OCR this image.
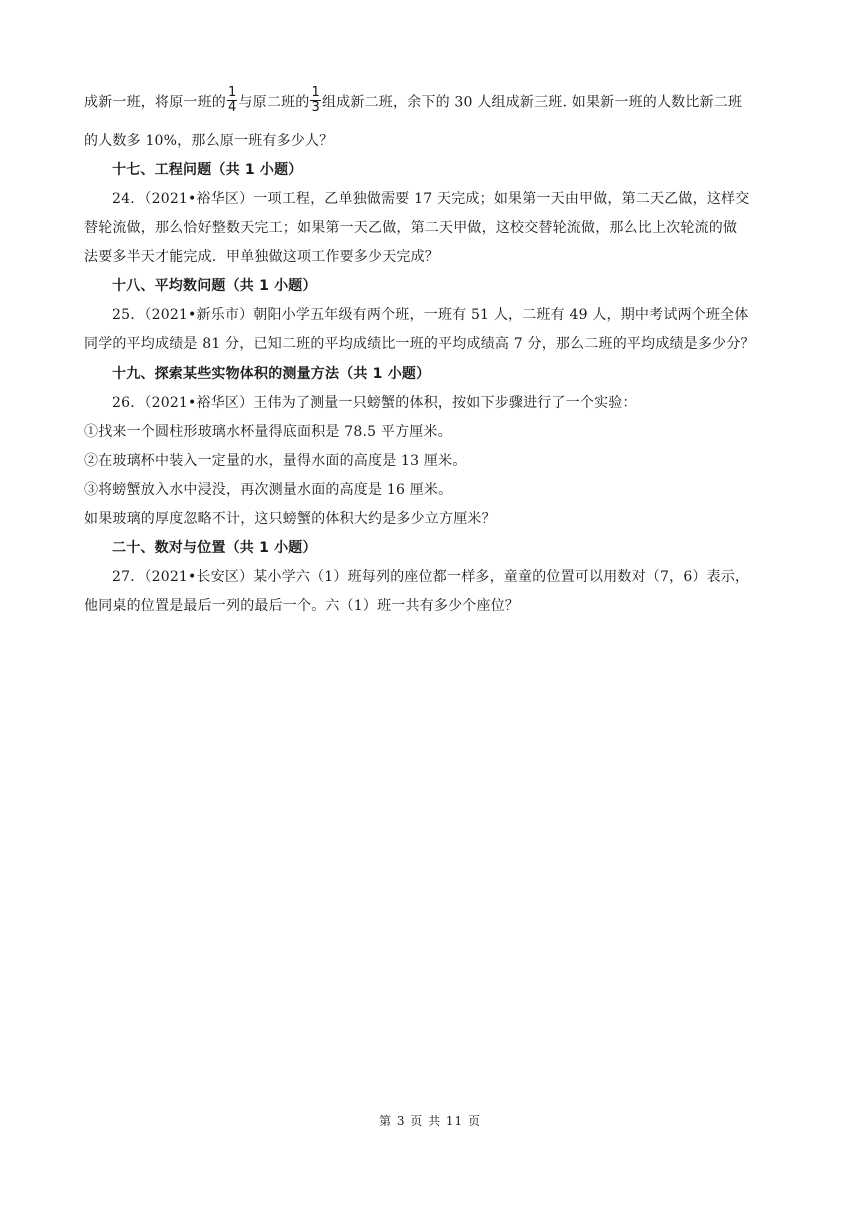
成新一班，将原一班的 $\frac{1}{4}$ 与原二班的 $\frac{1}{3}$ 组成新二班，余下的 30 人组成新三班. 如果新一班的人数比新二班
的人数多 10%，那么原一班有多少人？
十七、工程问题（共 1 小题）
24．（2021•裕华区）一项工程，乙单独做需要 17 天完成；如果第一天由甲做，第二天乙做，这样交
替轮流做，那么恰好整数天完工；如果第一天乙做，第二天甲做，这校交替轮流做，那么比上次轮流的做
法要多半天才能完成．甲单独做这项工作要多少天完成？
十八、平均数问题（共 1 小题）
25．（2021•新乐市）朝阳小学五年级有两个班，一班有 51 人，二班有 49 人，期中考试两个班全体
同学的平均成绩是 81 分，已知二班的平均成绩比一班的平均成绩高 7 分，那么二班的平均成绩是多少分？
十九、探索某些实物体积的测量方法（共 1 小题）
26．（2021•裕华区）王伟为了测量一只螃蟹的体积，按如下步骤进行了一个实验：
①找来一个圆柱形玻璃水杯量得底面积是 78.5 平方厘米。
②在玻璃杯中装入一定量的水，量得水面的高度是 13 厘米。
③将螃蟹放入水中浸没，再次测量水面的高度是 16 厘米。
如果玻璃的厚度忽略不计，这只螃蟹的体积大约是多少立方厘米？
二十、数对与位置（共 1 小题）
27．（2021•长安区）某小学六（1）班每列的座位都一样多，童童的位置可以用数对（7，6）表示，
他同桌的位置是最后一列的最后一个。六（1）班一共有多少个座位？
第 3 页 共 11 页
